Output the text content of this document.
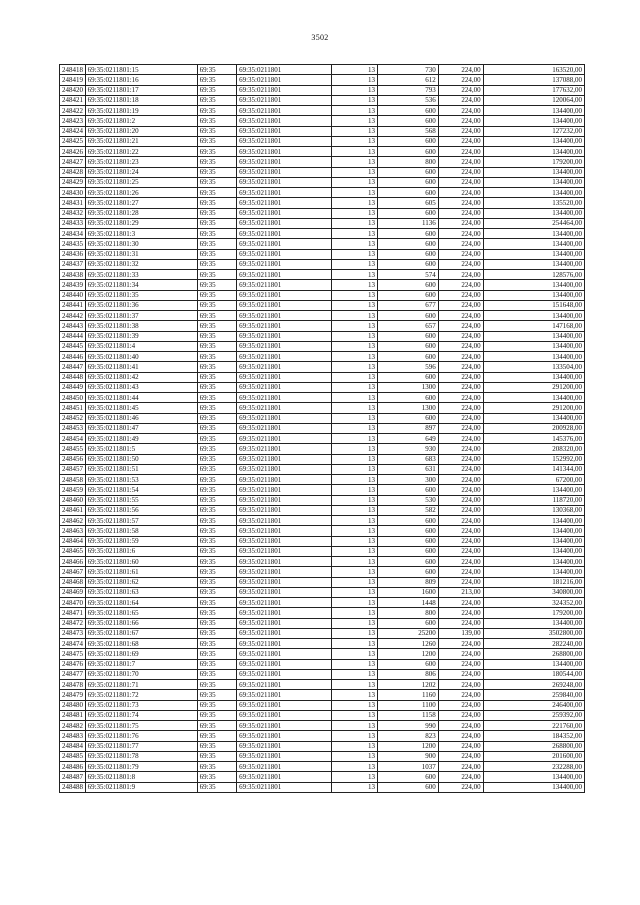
3502
248418	69:35:0211801:15	69:35	69:35:0211801	13	730	224,00	163520,00
248419	69:35:0211801:16	69:35	69:35:0211801	13	612	224,00	137088,00
248420	69:35:0211801:17	69:35	69:35:0211801	13	793	224,00	177632,00
248421	69:35:0211801:18	69:35	69:35:0211801	13	536	224,00	120064,00
248422	69:35:0211801:19	69:35	69:35:0211801	13	600	224,00	134400,00
248423	69:35:0211801:2	69:35	69:35:0211801	13	600	224,00	134400,00
248424	69:35:0211801:20	69:35	69:35:0211801	13	568	224,00	127232,00
248425	69:35:0211801:21	69:35	69:35:0211801	13	600	224,00	134400,00
248426	69:35:0211801:22	69:35	69:35:0211801	13	600	224,00	134400,00
248427	69:35:0211801:23	69:35	69:35:0211801	13	800	224,00	179200,00
248428	69:35:0211801:24	69:35	69:35:0211801	13	600	224,00	134400,00
248429	69:35:0211801:25	69:35	69:35:0211801	13	600	224,00	134400,00
248430	69:35:0211801:26	69:35	69:35:0211801	13	600	224,00	134400,00
248431	69:35:0211801:27	69:35	69:35:0211801	13	605	224,00	135520,00
248432	69:35:0211801:28	69:35	69:35:0211801	13	600	224,00	134400,00
248433	69:35:0211801:29	69:35	69:35:0211801	13	1136	224,00	254464,00
248434	69:35:0211801:3	69:35	69:35:0211801	13	600	224,00	134400,00
248435	69:35:0211801:30	69:35	69:35:0211801	13	600	224,00	134400,00
248436	69:35:0211801:31	69:35	69:35:0211801	13	600	224,00	134400,00
248437	69:35:0211801:32	69:35	69:35:0211801	13	600	224,00	134400,00
248438	69:35:0211801:33	69:35	69:35:0211801	13	574	224,00	128576,00
248439	69:35:0211801:34	69:35	69:35:0211801	13	600	224,00	134400,00
248440	69:35:0211801:35	69:35	69:35:0211801	13	600	224,00	134400,00
248441	69:35:0211801:36	69:35	69:35:0211801	13	677	224,00	151648,00
248442	69:35:0211801:37	69:35	69:35:0211801	13	600	224,00	134400,00
248443	69:35:0211801:38	69:35	69:35:0211801	13	657	224,00	147168,00
248444	69:35:0211801:39	69:35	69:35:0211801	13	600	224,00	134400,00
248445	69:35:0211801:4	69:35	69:35:0211801	13	600	224,00	134400,00
248446	69:35:0211801:40	69:35	69:35:0211801	13	600	224,00	134400,00
248447	69:35:0211801:41	69:35	69:35:0211801	13	596	224,00	133504,00
248448	69:35:0211801:42	69:35	69:35:0211801	13	600	224,00	134400,00
248449	69:35:0211801:43	69:35	69:35:0211801	13	1300	224,00	291200,00
248450	69:35:0211801:44	69:35	69:35:0211801	13	600	224,00	134400,00
248451	69:35:0211801:45	69:35	69:35:0211801	13	1300	224,00	291200,00
248452	69:35:0211801:46	69:35	69:35:0211801	13	600	224,00	134400,00
248453	69:35:0211801:47	69:35	69:35:0211801	13	897	224,00	200928,00
248454	69:35:0211801:49	69:35	69:35:0211801	13	649	224,00	145376,00
248455	69:35:0211801:5	69:35	69:35:0211801	13	930	224,00	208320,00
248456	69:35:0211801:50	69:35	69:35:0211801	13	683	224,00	152992,00
248457	69:35:0211801:51	69:35	69:35:0211801	13	631	224,00	141344,00
248458	69:35:0211801:53	69:35	69:35:0211801	13	300	224,00	67200,00
248459	69:35:0211801:54	69:35	69:35:0211801	13	600	224,00	134400,00
248460	69:35:0211801:55	69:35	69:35:0211801	13	530	224,00	118720,00
248461	69:35:0211801:56	69:35	69:35:0211801	13	582	224,00	130368,00
248462	69:35:0211801:57	69:35	69:35:0211801	13	600	224,00	134400,00
248463	69:35:0211801:58	69:35	69:35:0211801	13	600	224,00	134400,00
248464	69:35:0211801:59	69:35	69:35:0211801	13	600	224,00	134400,00
248465	69:35:0211801:6	69:35	69:35:0211801	13	600	224,00	134400,00
248466	69:35:0211801:60	69:35	69:35:0211801	13	600	224,00	134400,00
248467	69:35:0211801:61	69:35	69:35:0211801	13	600	224,00	134400,00
248468	69:35:0211801:62	69:35	69:35:0211801	13	809	224,00	181216,00
248469	69:35:0211801:63	69:35	69:35:0211801	13	1600	213,00	340800,00
248470	69:35:0211801:64	69:35	69:35:0211801	13	1448	224,00	324352,00
248471	69:35:0211801:65	69:35	69:35:0211801	13	800	224,00	179200,00
248472	69:35:0211801:66	69:35	69:35:0211801	13	600	224,00	134400,00
248473	69:35:0211801:67	69:35	69:35:0211801	13	25200	139,00	3502800,00
248474	69:35:0211801:68	69:35	69:35:0211801	13	1260	224,00	282240,00
248475	69:35:0211801:69	69:35	69:35:0211801	13	1200	224,00	268800,00
248476	69:35:0211801:7	69:35	69:35:0211801	13	600	224,00	134400,00
248477	69:35:0211801:70	69:35	69:35:0211801	13	806	224,00	180544,00
248478	69:35:0211801:71	69:35	69:35:0211801	13	1202	224,00	269248,00
248479	69:35:0211801:72	69:35	69:35:0211801	13	1160	224,00	259840,00
248480	69:35:0211801:73	69:35	69:35:0211801	13	1100	224,00	246400,00
248481	69:35:0211801:74	69:35	69:35:0211801	13	1158	224,00	259392,00
248482	69:35:0211801:75	69:35	69:35:0211801	13	990	224,00	221760,00
248483	69:35:0211801:76	69:35	69:35:0211801	13	823	224,00	184352,00
248484	69:35:0211801:77	69:35	69:35:0211801	13	1200	224,00	268800,00
248485	69:35:0211801:78	69:35	69:35:0211801	13	900	224,00	201600,00
248486	69:35:0211801:79	69:35	69:35:0211801	13	1037	224,00	232288,00
248487	69:35:0211801:8	69:35	69:35:0211801	13	600	224,00	134400,00
248488	69:35:0211801:9	69:35	69:35:0211801	13	600	224,00	134400,00
